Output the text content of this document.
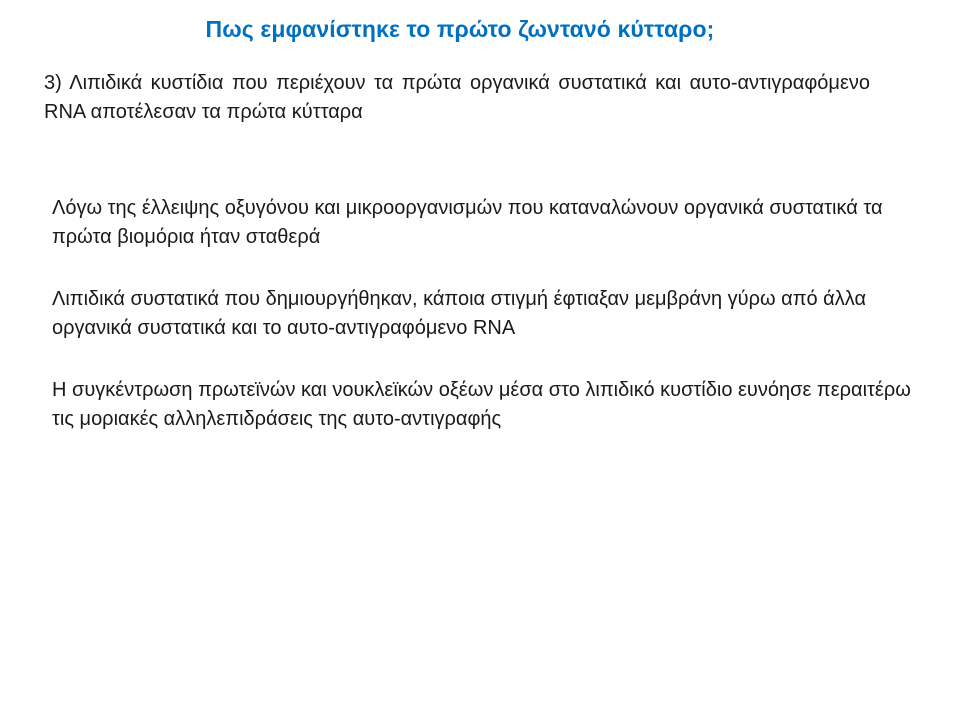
Πως εμφανίστηκε το πρώτο ζωντανό κύτταρο;
3) Λιπιδικά κυστίδια που περιέχουν τα πρώτα οργανικά συστατικά και αυτο-αντιγραφόμενο RNA αποτέλεσαν τα πρώτα κύτταρα

Λόγω της έλλειψης οξυγόνου και μικροοργανισμών που καταναλώνουν οργανικά συστατικά τα πρώτα βιομόρια ήταν σταθερά

Λιπιδικά συστατικά που δημιουργήθηκαν, κάποια στιγμή έφτιαξαν μεμβράνη γύρω από άλλα οργανικά συστατικά και το αυτο-αντιγραφόμενο RNA

Η συγκέντρωση πρωτεϊνών και νουκλεϊκών οξέων μέσα στο λιπιδικό κυστίδιο ευνόησε περαιτέρω τις μοριακές αλληλεπιδράσεις της αυτο-αντιγραφής
